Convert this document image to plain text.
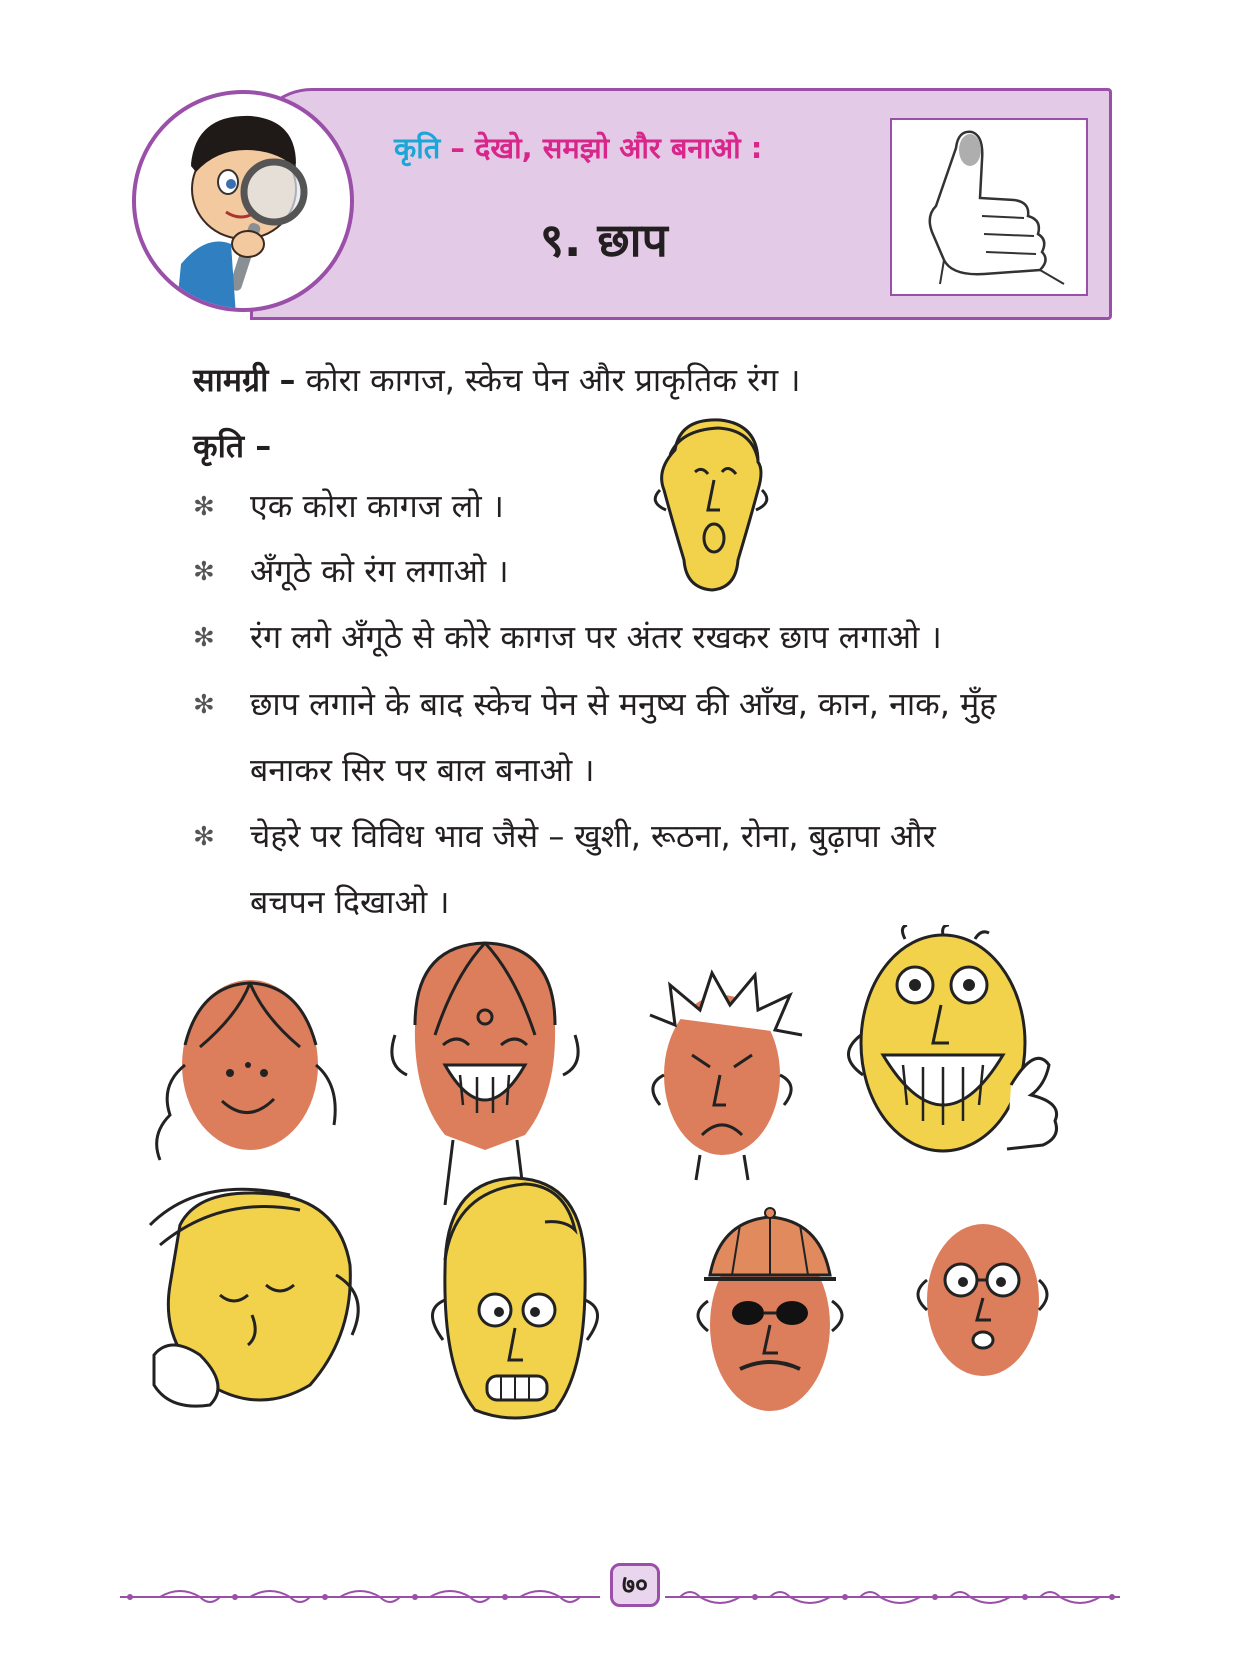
कृति – देखो, समझो और बनाओ :
९. छाप
सामग्री – कोरा कागज, स्केच पेन और प्राकृतिक रंग ।
कृति –
✻ एक कोरा कागज लो ।
✻ अँगूठे को रंग लगाओ ।
✻ रंग लगे अँगूठे से कोरे कागज पर अंतर रखकर छाप लगाओ ।
✻ छाप लगाने के बाद स्केच पेन से मनुष्य की आँख, कान, नाक, मुँह
बनाकर सिर पर बाल बनाओ ।
✻ चेहरे पर विविध भाव जैसे – खुशी, रूठना, रोना, बुढ़ापा और
बचपन दिखाओ ।
७०
